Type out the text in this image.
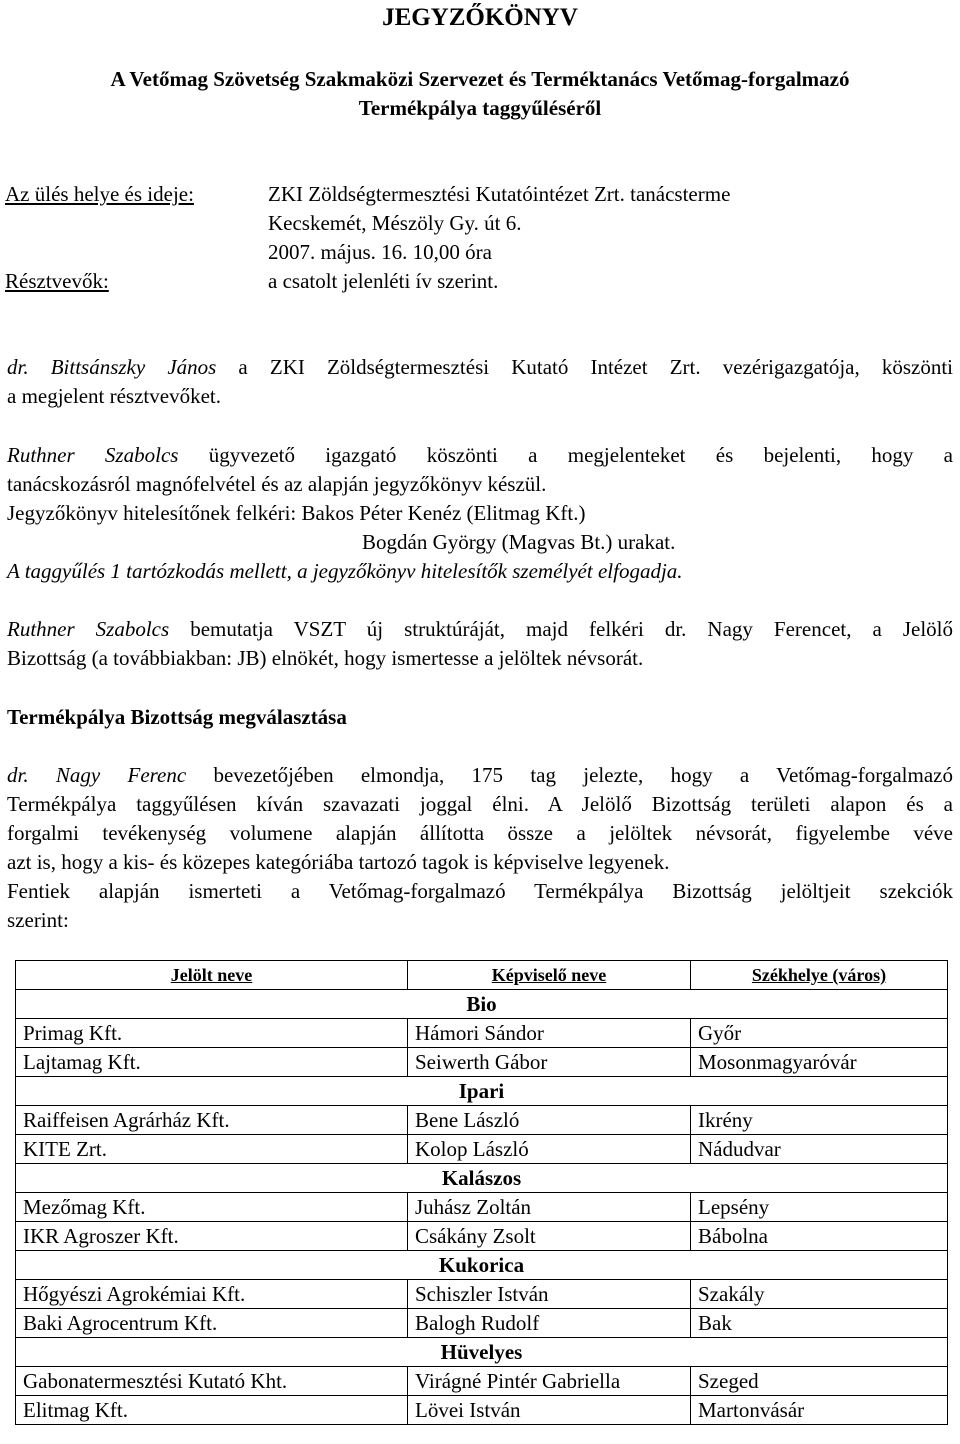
JEGYZŐKÖNYV
A Vetőmag Szövetség Szakmaközi Szervezet és Terméktanács Vetőmag-forgalmazó
Termékpálya taggyűléséről
Az ülés helye és ideje:	ZKI Zöldségtermesztési Kutatóintézet Zrt. tanácsterme
Kecskemét, Mészöly Gy. út 6.
2007. május. 16. 10,00 óra
Résztvevők:	a csatolt jelenléti ív szerint.
dr. Bittsánszky János a ZKI Zöldségtermesztési Kutató Intézet Zrt. vezérigazgatója, köszönti
a megjelent résztvevőket.
Ruthner Szabolcs ügyvezető igazgató köszönti a megjelenteket és bejelenti, hogy a
tanácskozásról magnófelvétel és az alapján jegyzőkönyv készül.
Jegyzőkönyv hitelesítőnek felkéri: Bakos Péter Kenéz (Elitmag Kft.)
Bogdán György (Magvas Bt.) urakat.
A taggyűlés 1 tartózkodás mellett, a jegyzőkönyv hitelesítők személyét elfogadja.
Ruthner Szabolcs bemutatja VSZT új struktúráját, majd felkéri dr. Nagy Ferencet, a Jelölő
Bizottság (a továbbiakban: JB) elnökét, hogy ismertesse a jelöltek névsorát.
Termékpálya Bizottság megválasztása
dr. Nagy Ferenc bevezetőjében elmondja, 175 tag jelezte, hogy a Vetőmag-forgalmazó
Termékpálya taggyűlésen kíván szavazati joggal élni. A Jelölő Bizottság területi alapon és a
forgalmi tevékenység volumene alapján állította össze a jelöltek névsorát, figyelembe véve
azt is, hogy a kis- és közepes kategóriába tartozó tagok is képviselve legyenek.
Fentiek alapján ismerteti a Vetőmag-forgalmazó Termékpálya Bizottság jelöltjeit szekciók
szerint:
Jelölt neve	Képviselő neve	Székhelye (város)
Bio		
Primag Kft.	Hámori Sándor	Győr
Lajtamag Kft.	Seiwerth Gábor	Mosonmagyaróvár
Ipari		
Raiffeisen Agrárház Kft.	Bene László	Ikrény
KITE Zrt.	Kolop László	Nádudvar
Kalászos		
Mezőmag Kft.	Juhász Zoltán	Lepsény
IKR Agroszer Kft.	Csákány Zsolt	Bábolna
Kukorica		
Hőgyészi Agrokémiai Kft.	Schiszler István	Szakály
Baki Agrocentrum Kft.	Balogh Rudolf	Bak
Hüvelyes		
Gabonatermesztési Kutató Kht.	Virágné Pintér Gabriella	Szeged
Elitmag Kft.	Lövei István	Martonvásár
